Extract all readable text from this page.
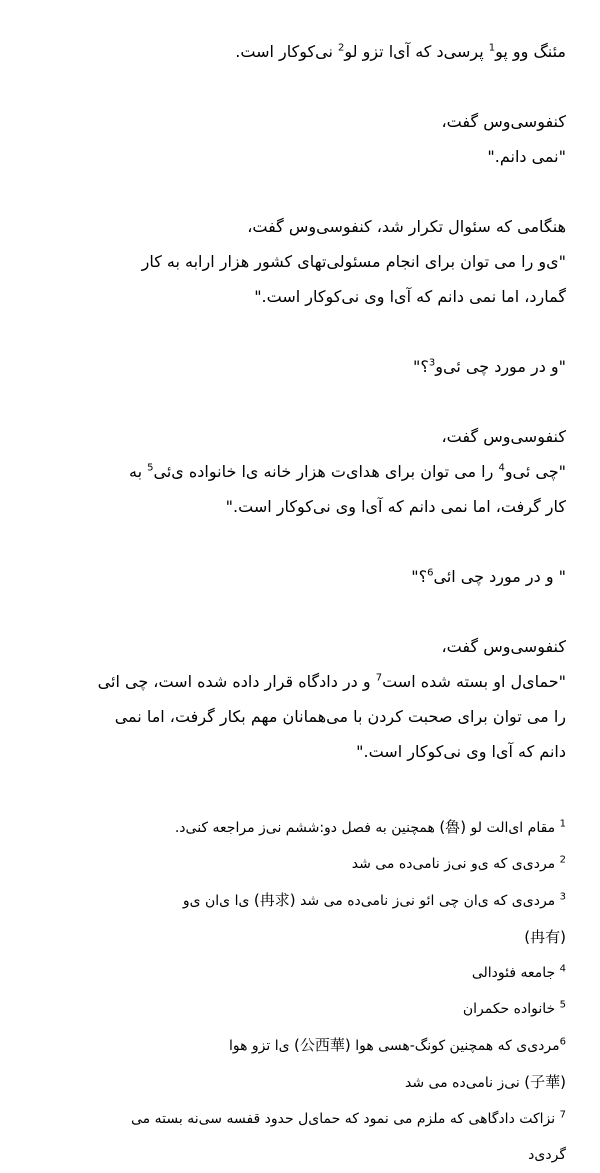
مئنگ وو پو$^1$ پرسی‌د که آی‌ا تزو لو$^2$ نی‌کوکار است.

کنفوسی‌وس گفت،
"نمی دانم."

هنگامی که سئوال تکرار شد، کنفوسی‌وس گفت،
"ی‌و را می توان برای انجام مسئولی‌تهای کشور هزار ارابه به کار
گمارد، اما نمی دانم که آی‌ا وی نی‌کوکار است."

"و در مورد چی ئی‌و$^3$؟"

کنفوسی‌وس گفت،
"چی ئی‌و$^4$ را می توان برای هدای‌ت هزار خانه ی‌ا خانواده ی‌ئی$^5$ به
کار گرفت، اما نمی دانم که آی‌ا وی نی‌کوکار است."

" و در مورد چی ائی$^6$؟"

کنفوسی‌وس گفت،
"حمای‌ل او بسته شده است$^7$ و در دادگاه قرار داده شده است، چی ائی
را می توان برای صحبت کردن با می‌همانان مهم بکار گرفت، اما نمی
دانم که آی‌ا وی نی‌کوکار است."

$^1$ مقام ای‌الت لو (魯) همچنین به فصل دو:ششم نی‌ز مراجعه کنی‌د.

$^2$ مردی‌ی که ی‌و نی‌ز نامی‌ده می شد

$^3$ مردی‌ی که ی‌ان چی ائو نی‌ز نامی‌ده می شد (冉求) ی‌ا ی‌ان ی‌و
(冉有)

$^4$ جامعه فئودالی

$^5$ خانواده حکمران

$^6$مردی‌ی که همچنین کونگ-هسی هوا (公西華) ی‌ا تزو هوا
(子華) نی‌ز نامی‌ده می شد

$^7$ نزاکت دادگاهی که ملزم می نمود که حمای‌ل حدود قفسه سی‌نه بسته می
گردی‌د
